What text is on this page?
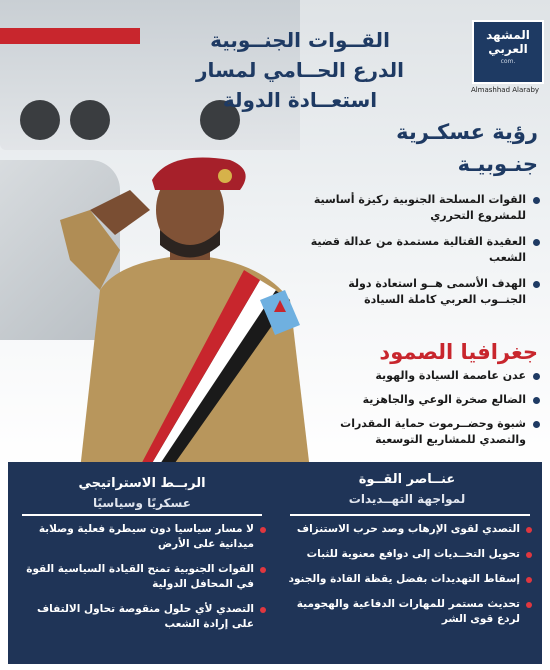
المشهد
العربي
.com
Almashhad Alaraby
القــوات الجنــوبية
الدرع الحــامي لمسار
استعــادة الدولة
رؤية عسكـرية
جنـوبيـة
القوات المسلحة الجنوبية ركيزة أساسية للمشروع التحرري
العقيدة القتالية مستمدة من عدالة قضية الشعب
الهدف الأسمى هــو استعادة دولة الجنــوب العربي كاملة السيادة
جغرافيا الصمود
عدن عاصمة السيادة والهوية
الضالع صخرة الوعي والجاهزية
شبوة وحضــرموت حماية المقدرات والتصدي للمشاريع التوسعية
عنــاصر القــوة
لمواجهة التهــديدات
التصدي لقوى الإرهاب وصد حرب الاستنزاف
تحويل التحــديات إلى دوافع معنوية للثبات
إسقاط التهديدات بفضل يقظة القادة والجنود
تحديث مستمر للمهارات الدفاعية والهجومية لردع قوى الشر
الربــط الاستراتيجي
عسكريًا وسياسيًا
لا مسار سياسيا دون سيطرة فعلية وصلابة ميدانية على الأرض
القوات الجنوبية تمنح القيادة السياسية القوة في المحافل الدولية
التصدي لأي حلول منقوصة تحاول الالتفاف على إرادة الشعب
